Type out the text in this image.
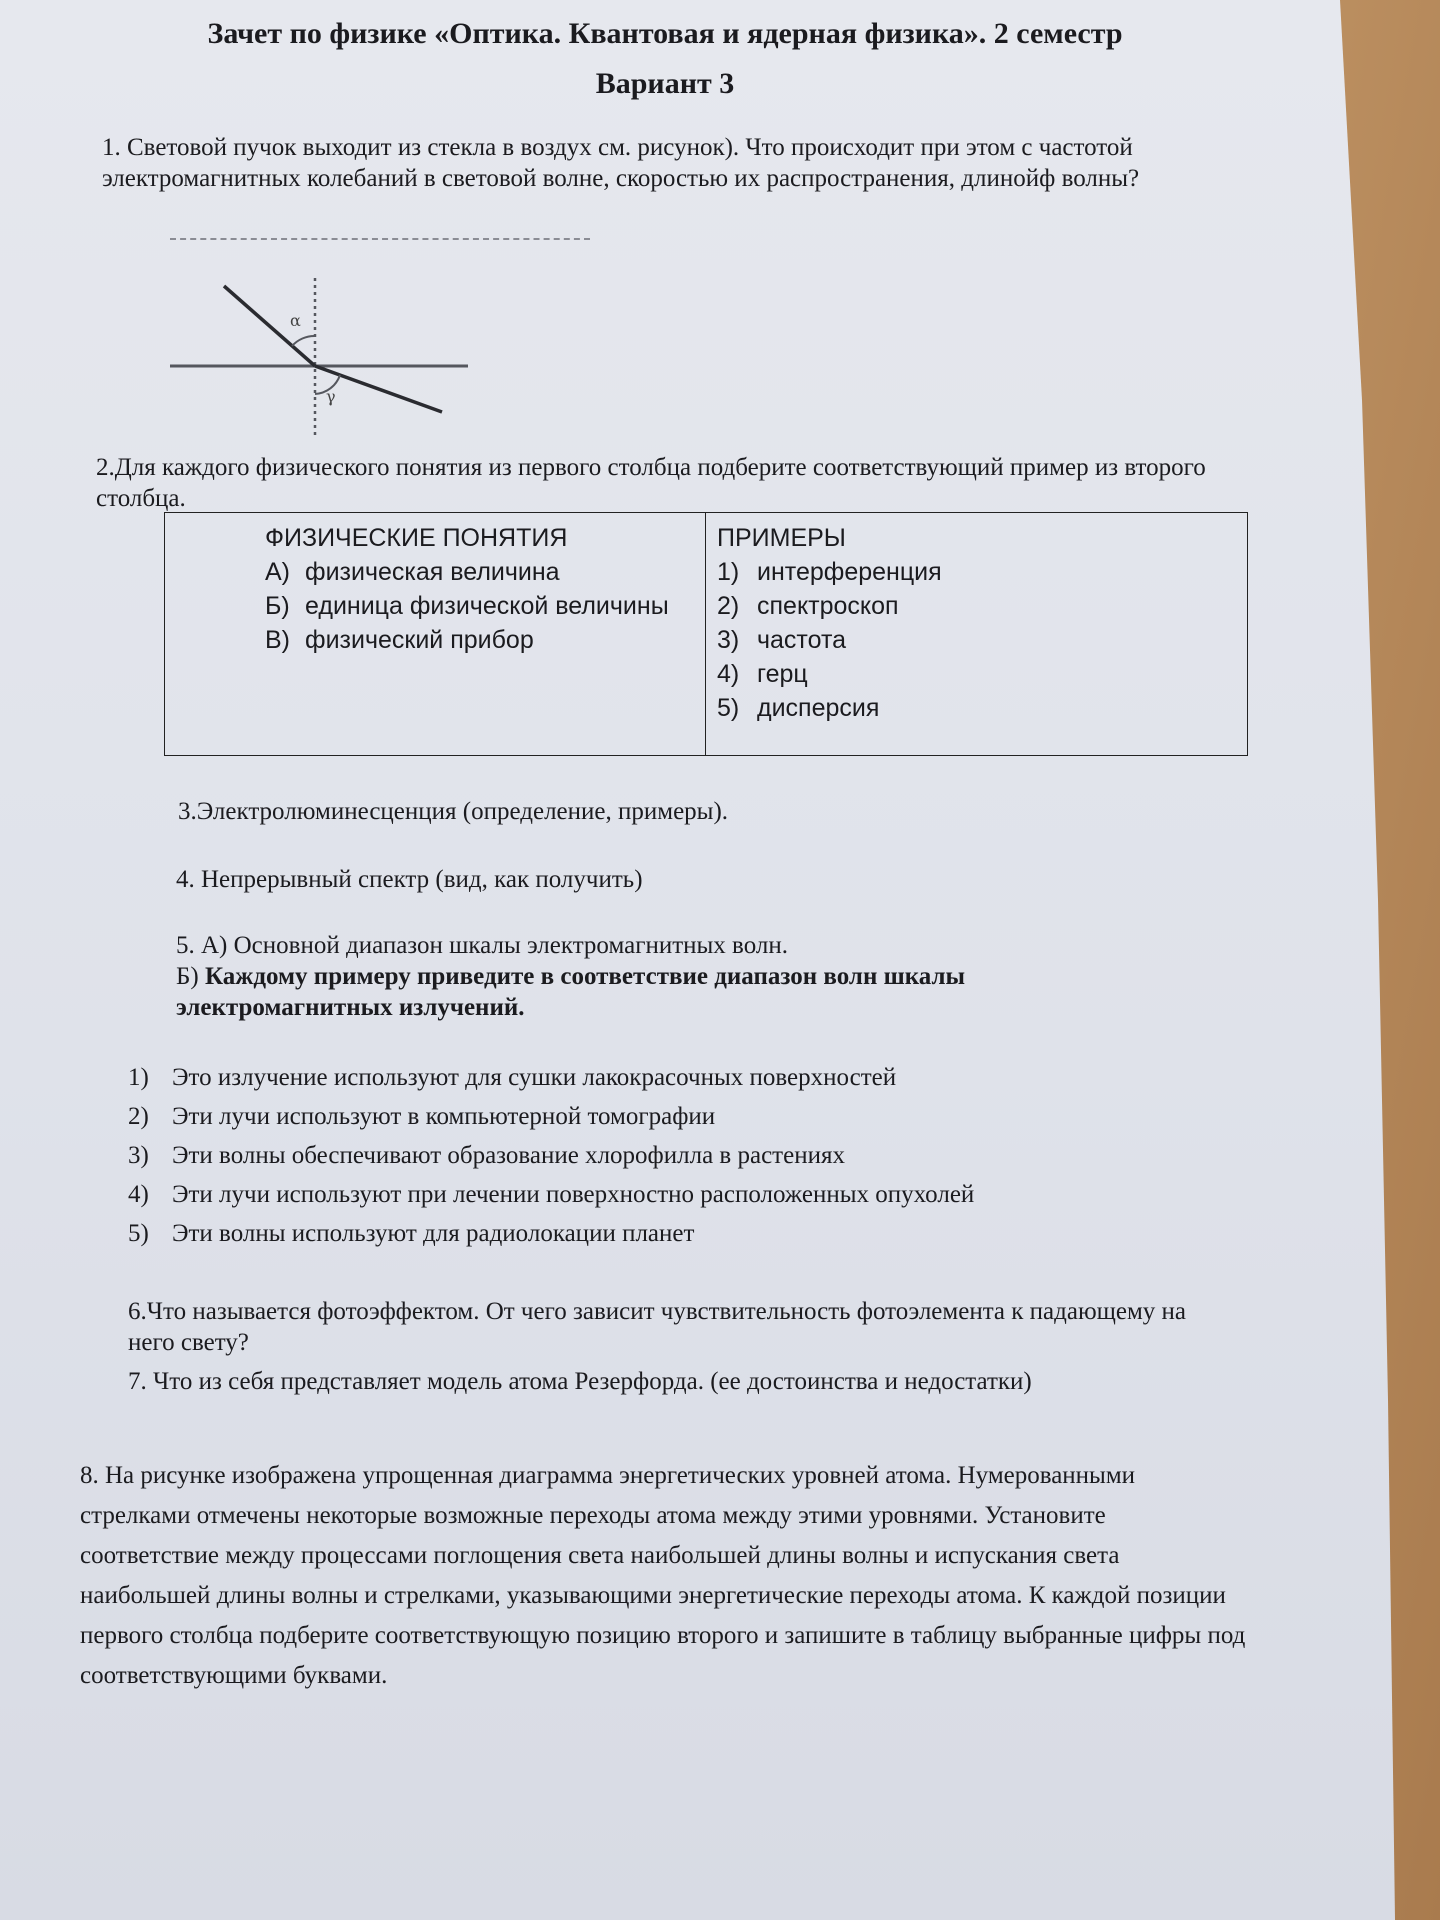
Зачет по физике «Оптика. Квантовая и ядерная физика». 2 семестр
Вариант 3
1. Световой пучок выходит из стекла в воздух см. рисунок). Что проиcходит при этом с частотой электромагнитных колебаний в световой волне, скоростью их распространения, длинойф волны?
α
γ
2.Для каждого физического понятия из первого столбца подберите соответствующий пример из второго столбца.
ФИЗИЧЕСКИЕ ПОНЯТИЯ
А) физическая величина
Б) единица физической величины
В) физический прибор
ПРИМЕРЫ
1) интерференция
2) спектроскоп
3) частота
4) герц
5) дисперсия
3.Электролюминесценция (определение, примеры).
4. Непрерывный спектр (вид, как получить)
5. А) Основной диапазон шкалы электромагнитных волн.
Б) Каждому примеру приведите в соответствие диапазон волн шкалы электромагнитных излучений.
1) Это излучение используют для сушки лакокрасочных поверхностей
2) Эти лучи используют в компьютерной томографии
3) Эти волны обеспечивают образование хлорофилла в растениях
4) Эти лучи используют при лечении поверхностно расположенных опухолей
5) Эти волны используют для радиолокации планет
6.Что называется фотоэффектом. От чего зависит чувствительность фотоэлемента к падающему на него свету?
7. Что из себя представляет модель атома Резерфорда. (ее достоинства и недостатки)
8. На рисунке изображена упрощенная диаграмма энергетических уровней атома. Нумерованными стрелками отмечены некоторые возможные переходы атома между этими уровнями. Установите соответствие между процессами поглощения света наибольшей длины волны и испускания света наибольшей длины волны и стрелками, указывающими энергетические переходы атома. К каждой позиции первого столбца подберите соответствующую позицию второго и запишите в таблицу выбранные цифры под соответствующими буквами.
